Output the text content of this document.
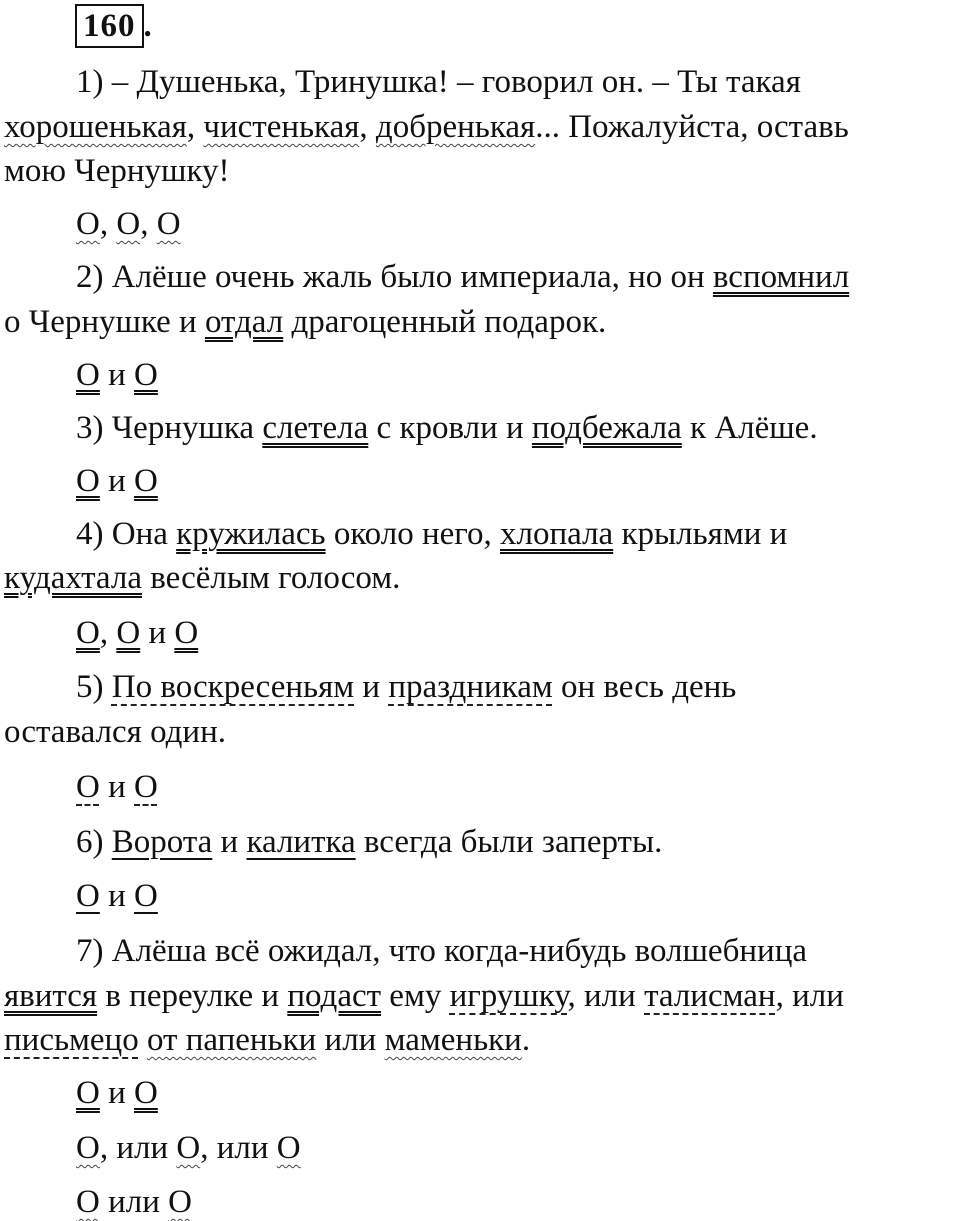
160 .
1) – Душенька, Тринушка! – говорил он. – Ты такая
хорошенькая, чистенькая, добренькая... Пожалуйста, оставь
мою Чернушку!
О, О, О
2) Алёше очень жаль было империала, но он вспомнил
о Чернушке и отдал драгоценный подарок.
О и О
3) Чернушка слетела с кровли и подбежала к Алёше.
О и О
4) Она кружилась около него, хлопала крыльями и
кудахтала весёлым голосом.
О, О и О
5) По воскресеньям и праздникам он весь день
оставался один.
О и О
6) Ворота и калитка всегда были заперты.
О и О
7) Алёша всё ожидал, что когда-нибудь волшебница
явится в переулке и подаст ему игрушку, или талисман, или
письмецо от папеньки или маменьки.
О и О
О, или О, или О
О или О
